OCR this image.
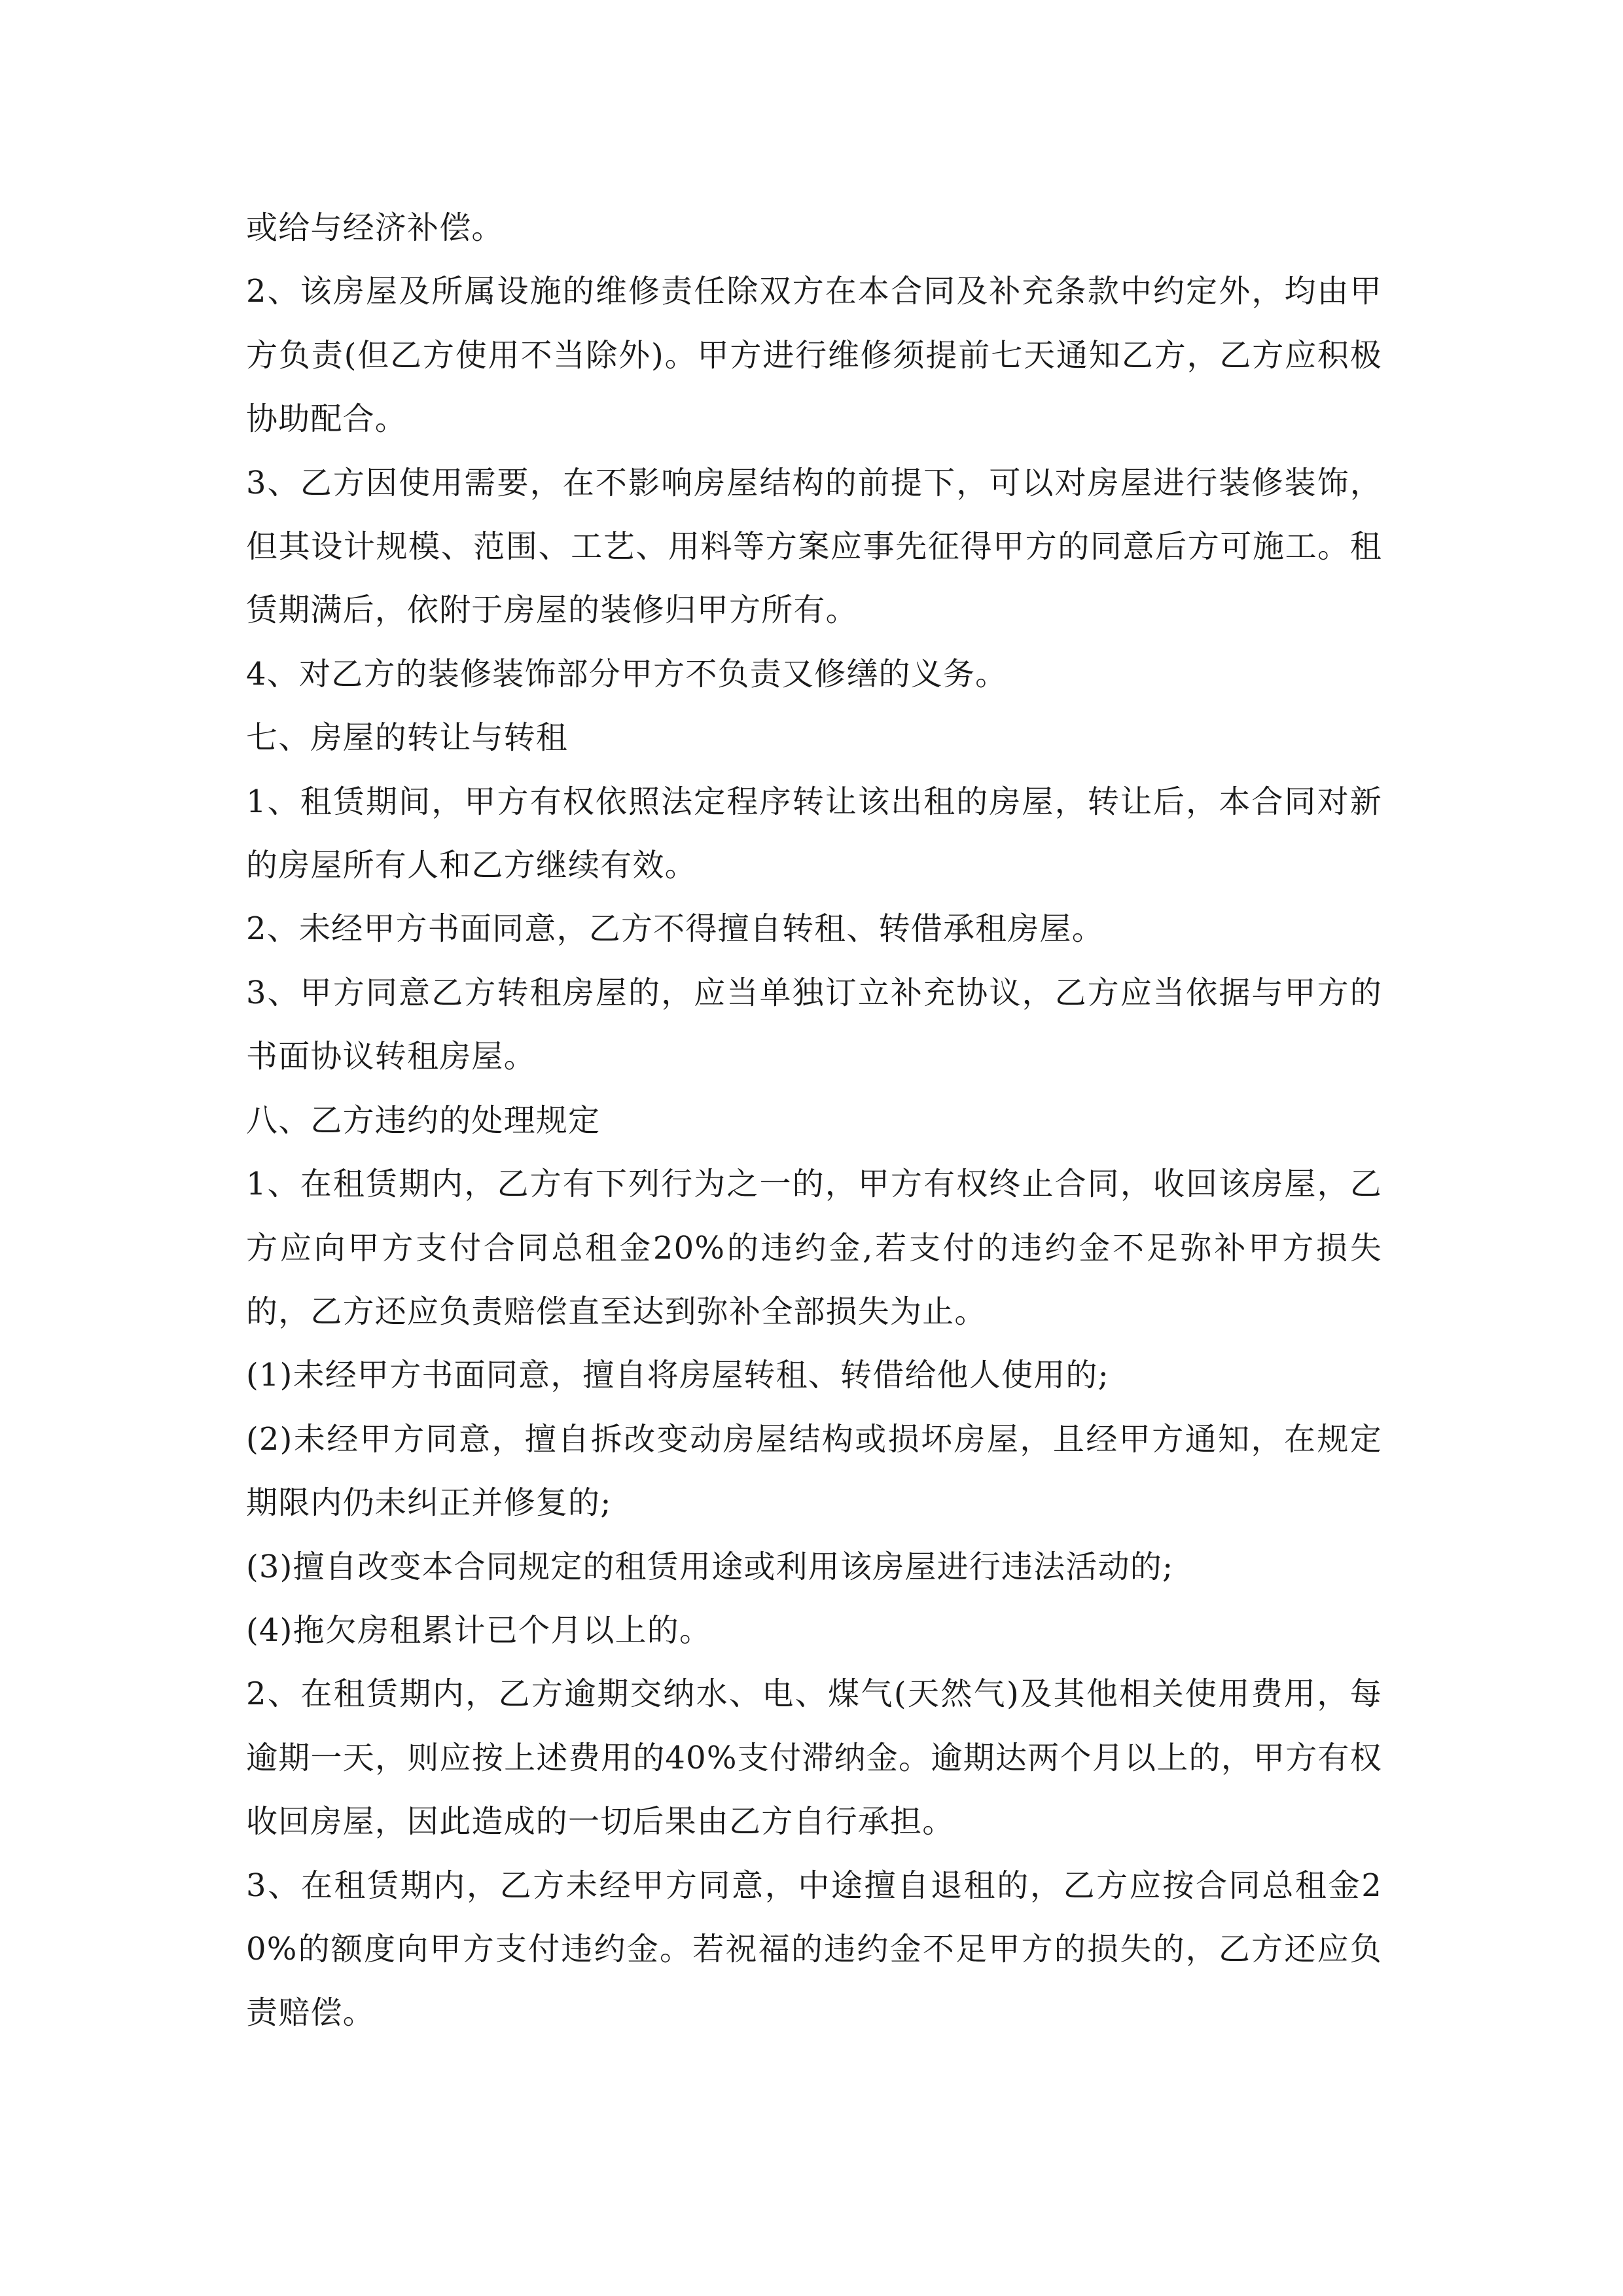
或给与经济补偿。

2、该房屋及所属设施的维修责任除双方在本合同及补充条款中约定外，均由甲方负责(但乙方使用不当除外)。甲方进行维修须提前七天通知乙方，乙方应积极协助配合。

3、乙方因使用需要，在不影响房屋结构的前提下，可以对房屋进行装修装饰，但其设计规模、范围、工艺、用料等方案应事先征得甲方的同意后方可施工。租赁期满后，依附于房屋的装修归甲方所有。

4、对乙方的装修装饰部分甲方不负责又修缮的义务。

七、房屋的转让与转租

1、租赁期间，甲方有权依照法定程序转让该出租的房屋，转让后，本合同对新的房屋所有人和乙方继续有效。

2、未经甲方书面同意，乙方不得擅自转租、转借承租房屋。

3、甲方同意乙方转租房屋的，应当单独订立补充协议，乙方应当依据与甲方的书面协议转租房屋。

八、乙方违约的处理规定

1、在租赁期内，乙方有下列行为之一的，甲方有权终止合同，收回该房屋，乙方应向甲方支付合同总租金20%的违约金,若支付的违约金不足弥补甲方损失的，乙方还应负责赔偿直至达到弥补全部损失为止。

(1)未经甲方书面同意，擅自将房屋转租、转借给他人使用的;

(2)未经甲方同意，擅自拆改变动房屋结构或损坏房屋，且经甲方通知，在规定期限内仍未纠正并修复的;

(3)擅自改变本合同规定的租赁用途或利用该房屋进行违法活动的;

(4)拖欠房租累计已个月以上的。

2、在租赁期内，乙方逾期交纳水、电、煤气(天然气)及其他相关使用费用，每逾期一天，则应按上述费用的40%支付滞纳金。逾期达两个月以上的，甲方有权收回房屋，因此造成的一切后果由乙方自行承担。

3、在租赁期内，乙方未经甲方同意，中途擅自退租的，乙方应按合同总租金20%的额度向甲方支付违约金。若祝福的违约金不足甲方的损失的，乙方还应负责赔偿。
